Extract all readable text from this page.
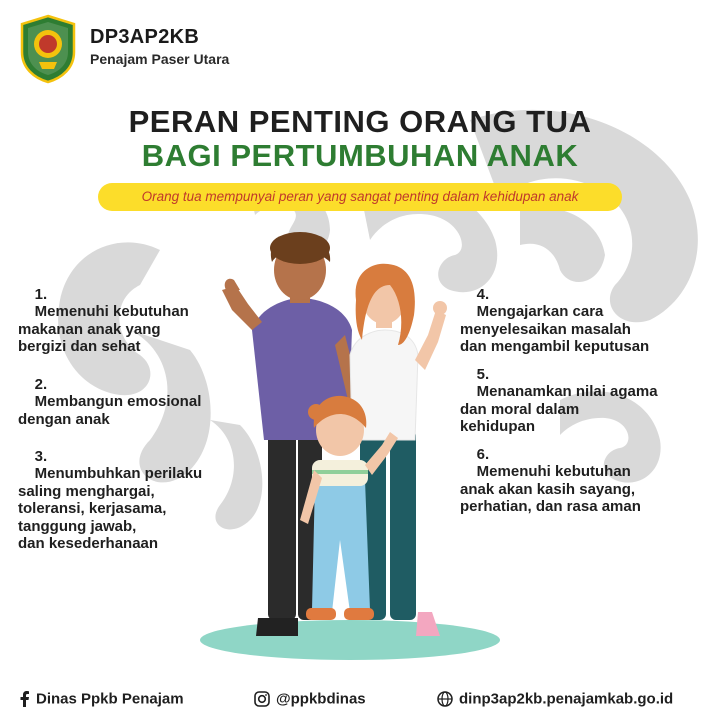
DP3AP2KB
Penajam Paser Utara
PERAN PENTING ORANG TUA
BAGI PERTUMBUHAN ANAK
Orang tua mempunyai peran yang sangat penting dalam kehidupan anak

1.
Memenuhi kebutuhan
makanan anak yang
bergizi dan sehat

2.
Membangun emosional
dengan anak

3.
Menumbuhkan perilaku
saling menghargai,
toleransi, kerjasama,
tanggung jawab,
dan kesederhanaan

4.
Mengajarkan cara
menyelesaikan masalah
dan mengambil keputusan

5.
Menanamkan nilai agama
dan moral dalam
kehidupan

6.
Memenuhi kebutuhan
anak akan kasih sayang,
perhatian, dan rasa aman

Dinas Ppkb Penajam	@ppkbdinas	dinp3ap2kb.penajamkab.go.id
